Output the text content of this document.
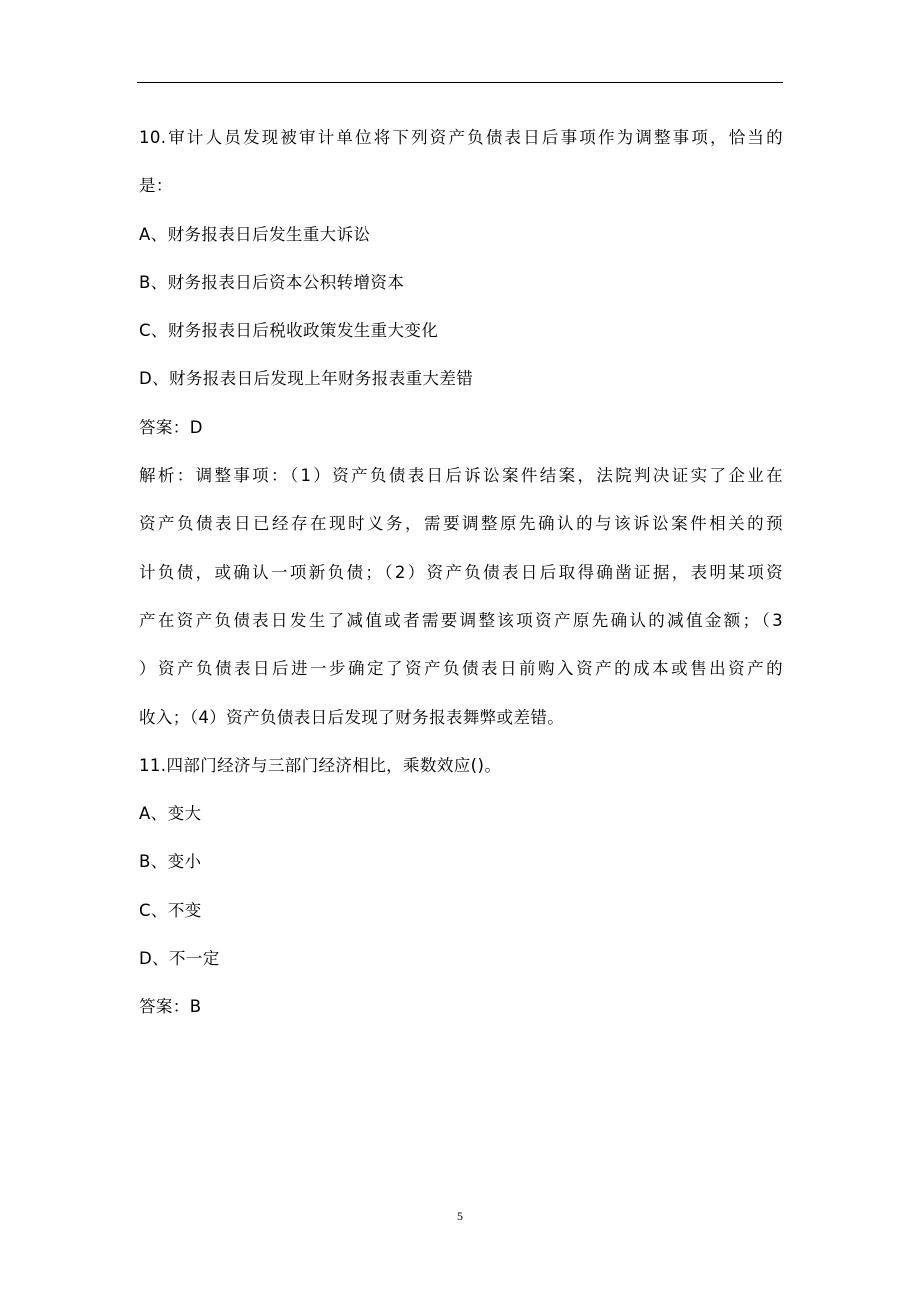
10.审计人员发现被审计单位将下列资产负债表日后事项作为调整事项，恰当的
是：
A、财务报表日后发生重大诉讼
B、财务报表日后资本公积转增资本
C、财务报表日后税收政策发生重大变化
D、财务报表日后发现上年财务报表重大差错
答案：D
解析：调整事项：（1）资产负债表日后诉讼案件结案，法院判决证实了企业在
资产负债表日已经存在现时义务，需要调整原先确认的与该诉讼案件相关的预
计负债，或确认一项新负债；（2）资产负债表日后取得确凿证据，表明某项资
产在资产负债表日发生了减值或者需要调整该项资产原先确认的减值金额；（3
）资产负债表日后进一步确定了资产负债表日前购入资产的成本或售出资产的
收入；（4）资产负债表日后发现了财务报表舞弊或差错。
11.四部门经济与三部门经济相比，乘数效应()。
A、变大
B、变小
C、不变
D、不一定
答案：B
5
